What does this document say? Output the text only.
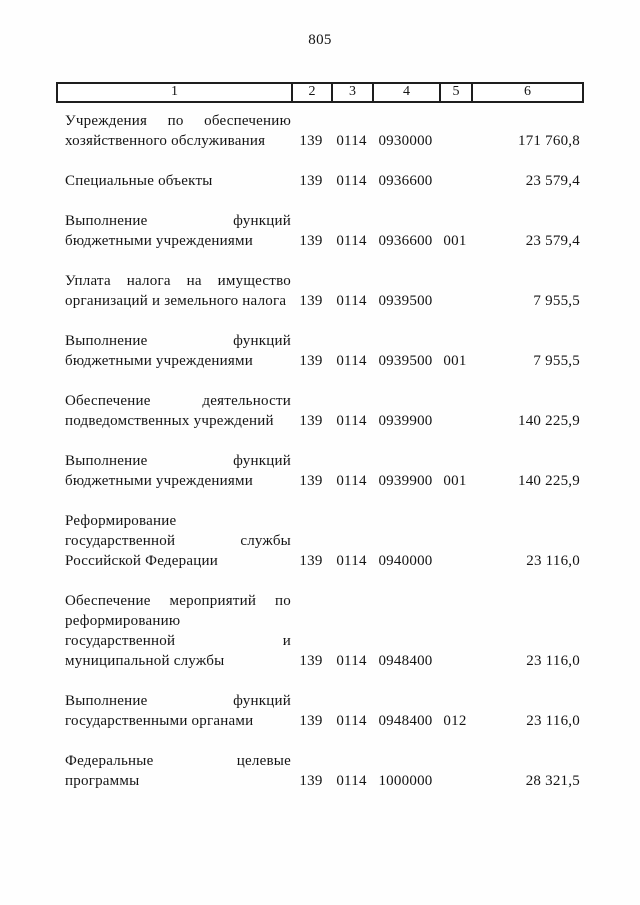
805
1	2	3	4	5	6
Учреждения по обеспечению
хозяйственного обслуживания	139 0114 0930000	171 760,8
Специальные объекты	139 0114 0936600	23 579,4
Выполнение функций
бюджетными учреждениями	139 0114 0936600 001	23 579,4
Уплата налога на имущество
организаций и земельного налога 139 0114 0939500	7 955,5
Выполнение функций
бюджетными учреждениями	139 0114 0939500 001	7 955,5
Обеспечение деятельности
подведомственных учреждений	139 0114 0939900	140 225,9
Выполнение функций
бюджетными учреждениями	139 0114 0939900 001	140 225,9
Реформирование
государственной службы
Российской Федерации	139 0114 0940000	23 116,0
Обеспечение мероприятий по
реформированию
государственной и
муниципальной службы	139 0114 0948400	23 116,0
Выполнение функций
государственными органами	139 0114 0948400 012	23 116,0
Федеральные целевые
программы	139 0114 1000000	28 321,5
